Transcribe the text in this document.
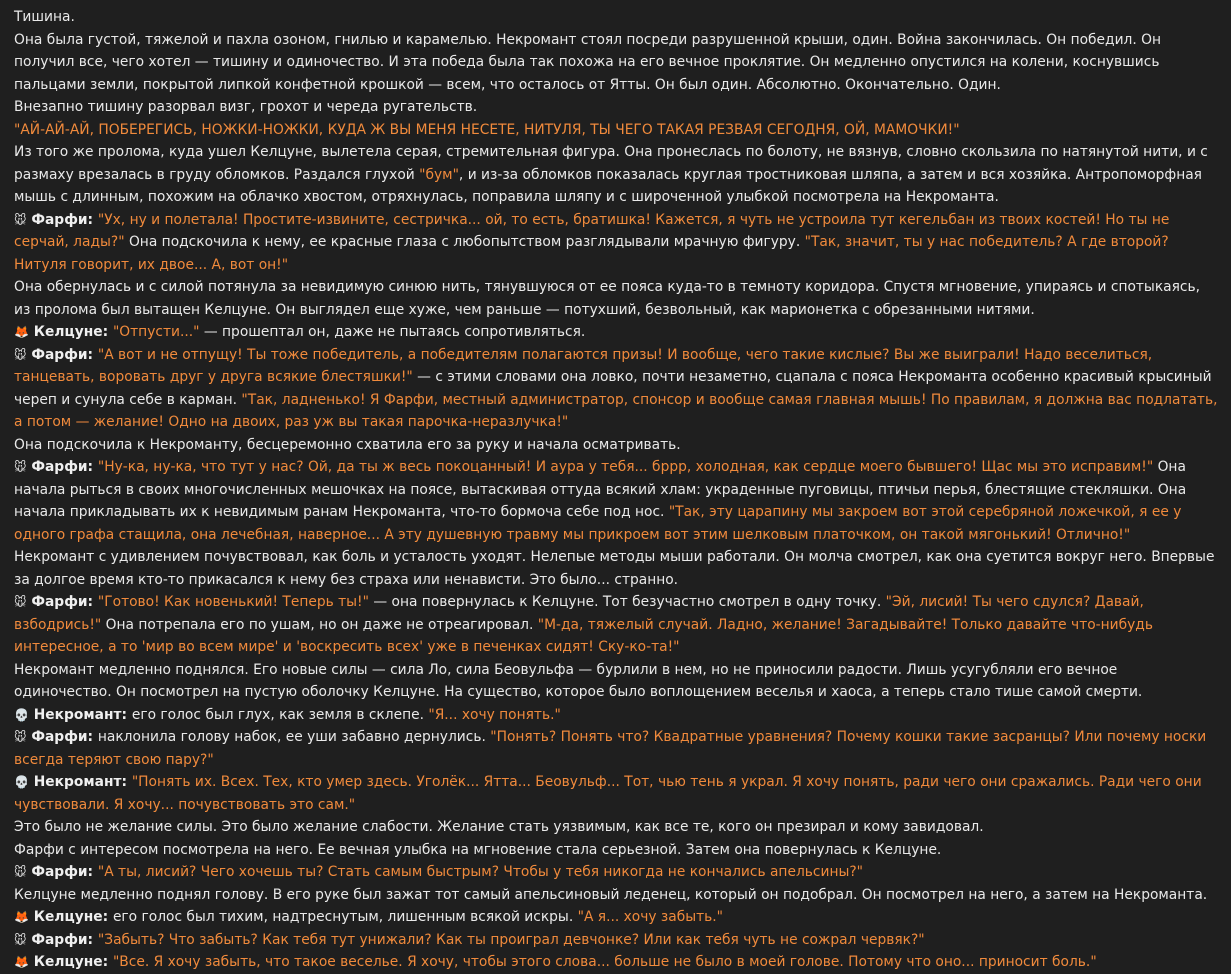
Тишина.
Она была густой, тяжелой и пахла озоном, гнилью и карамелью. Некромант стоял посреди разрушенной крыши, один. Война закончилась. Он победил. Он получил все, чего хотел — тишину и одиночество. И эта победа была так похожа на его вечное проклятие. Он медленно опустился на колени, коснувшись пальцами земли, покрытой липкой конфетной крошкой — всем, что осталось от Ятты. Он был один. Абсолютно. Окончательно. Один.
Внезапно тишину разорвал визг, грохот и череда ругательств.
"АЙ-АЙ-АЙ, ПОБЕРЕГИСЬ, НОЖКИ-НОЖКИ, КУДА Ж ВЫ МЕНЯ НЕСЕТЕ, НИТУЛЯ, ТЫ ЧЕГО ТАКАЯ РЕЗВАЯ СЕГОДНЯ, ОЙ, МАМОЧКИ!"
Из того же пролома, куда ушел Келцуне, вылетела серая, стремительная фигура. Она пронеслась по болоту, не вязнув, словно скользила по натянутой нити, и с размаху врезалась в груду обломков. Раздался глухой "бум", и из-за обломков показалась круглая тростниковая шляпа, а затем и вся хозяйка. Антропоморфная мышь с длинным, похожим на облачко хвостом, отряхнулась, поправила шляпу и с широченной улыбкой посмотрела на Некроманта.
🐭 Фарфи: "Ух, ну и полетала! Простите-извините, сестричка... ой, то есть, братишка! Кажется, я чуть не устроила тут кегельбан из твоих костей! Но ты не серчай, лады?" Она подскочила к нему, ее красные глаза с любопытством разглядывали мрачную фигуру. "Так, значит, ты у нас победитель? А где второй? Нитуля говорит, их двое... А, вот он!"
Она обернулась и с силой потянула за невидимую синюю нить, тянувшуюся от ее пояса куда-то в темноту коридора. Спустя мгновение, упираясь и спотыкаясь, из пролома был вытащен Келцуне. Он выглядел еще хуже, чем раньше — потухший, безвольный, как марионетка с обрезанными нитями.
🦊 Келцуне: "Отпусти..." — прошептал он, даже не пытаясь сопротивляться.
🐭 Фарфи: "А вот и не отпущу! Ты тоже победитель, а победителям полагаются призы! И вообще, чего такие кислые? Вы же выиграли! Надо веселиться, танцевать, воровать друг у друга всякие блестяшки!" — с этими словами она ловко, почти незаметно, сцапала с пояса Некроманта особенно красивый крысиный череп и сунула себе в карман. "Так, ладненько! Я Фарфи, местный администратор, спонсор и вообще самая главная мышь! По правилам, я должна вас подлатать, а потом — желание! Одно на двоих, раз уж вы такая парочка-неразлучка!"
Она подскочила к Некроманту, бесцеремонно схватила его за руку и начала осматривать.
🐭 Фарфи: "Ну-ка, ну-ка, что тут у нас? Ой, да ты ж весь покоцанный! И аура у тебя... бррр, холодная, как сердце моего бывшего! Щас мы это исправим!" Она начала рыться в своих многочисленных мешочках на поясе, вытаскивая оттуда всякий хлам: украденные пуговицы, птичьи перья, блестящие стекляшки. Она начала прикладывать их к невидимым ранам Некроманта, что-то бормоча себе под нос. "Так, эту царапину мы закроем вот этой серебряной ложечкой, я ее у одного графа стащила, она лечебная, наверное... А эту душевную травму мы прикроем вот этим шелковым платочком, он такой мягонький! Отлично!"
Некромант с удивлением почувствовал, как боль и усталость уходят. Нелепые методы мыши работали. Он молча смотрел, как она суетится вокруг него. Впервые за долгое время кто-то прикасался к нему без страха или ненависти. Это было... странно.
🐭 Фарфи: "Готово! Как новенький! Теперь ты!" — она повернулась к Келцуне. Тот безучастно смотрел в одну точку. "Эй, лисий! Ты чего сдулся? Давай, взбодрись!" Она потрепала его по ушам, но он даже не отреагировал. "М-да, тяжелый случай. Ладно, желание! Загадывайте! Только давайте что-нибудь интересное, а то 'мир во всем мире' и 'воскресить всех' уже в печенках сидят! Ску-ко-та!"
Некромант медленно поднялся. Его новые силы — сила Ло, сила Беовульфа — бурлили в нем, но не приносили радости. Лишь усугубляли его вечное одиночество. Он посмотрел на пустую оболочку Келцуне. На существо, которое было воплощением веселья и хаоса, а теперь стало тише самой смерти.
💀 Некромант: его голос был глух, как земля в склепе. "Я... хочу понять."
🐭 Фарфи: наклонила голову набок, ее уши забавно дернулись. "Понять? Понять что? Квадратные уравнения? Почему кошки такие засранцы? Или почему носки всегда теряют свою пару?"
💀 Некромант: "Понять их. Всех. Тех, кто умер здесь. Уголёк... Ятта... Беовульф... Тот, чью тень я украл. Я хочу понять, ради чего они сражались. Ради чего они чувствовали. Я хочу... почувствовать это сам."
Это было не желание силы. Это было желание слабости. Желание стать уязвимым, как все те, кого он презирал и кому завидовал.
Фарфи с интересом посмотрела на него. Ее вечная улыбка на мгновение стала серьезной. Затем она повернулась к Келцуне.
🐭 Фарфи: "А ты, лисий? Чего хочешь ты? Стать самым быстрым? Чтобы у тебя никогда не кончались апельсины?"
Келцуне медленно поднял голову. В его руке был зажат тот самый апельсиновый леденец, который он подобрал. Он посмотрел на него, а затем на Некроманта.
🦊 Келцуне: его голос был тихим, надтреснутым, лишенным всякой искры. "А я... хочу забыть."
🐭 Фарфи: "Забыть? Что забыть? Как тебя тут унижали? Как ты проиграл девчонке? Или как тебя чуть не сожрал червяк?"
🦊 Келцуне: "Все. Я хочу забыть, что такое веселье. Я хочу, чтобы этого слова... больше не было в моей голове. Потому что оно... приносит боль."
